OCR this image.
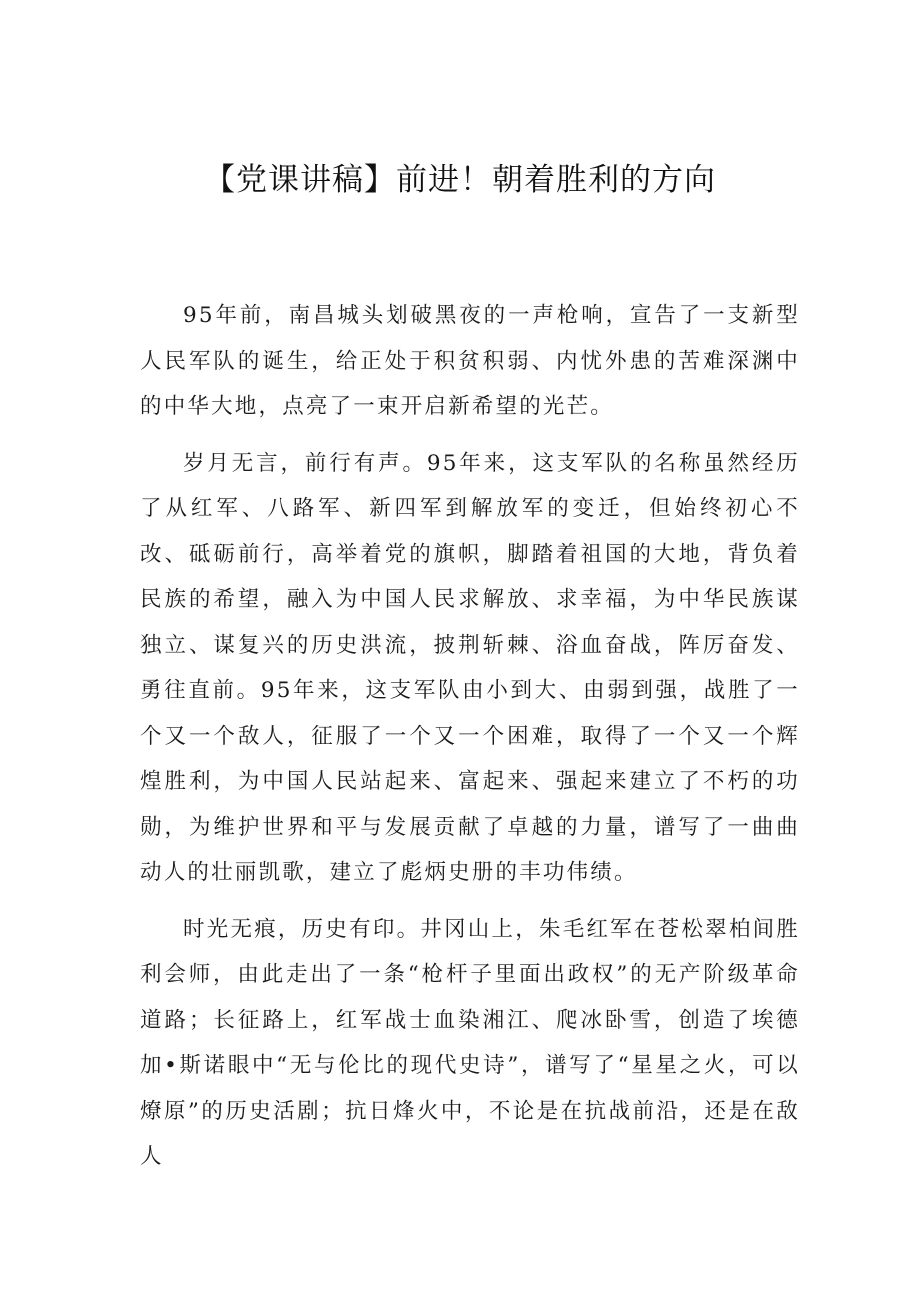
【党课讲稿】前进！朝着胜利的方向

95年前，南昌城头划破黑夜的一声枪响，宣告了一支新型人民军队的诞生，给正处于积贫积弱、内忧外患的苦难深渊中的中华大地，点亮了一束开启新希望的光芒。

岁月无言，前行有声。95年来，这支军队的名称虽然经历了从红军、八路军、新四军到解放军的变迁，但始终初心不改、砥砺前行，高举着党的旗帜，脚踏着祖国的大地，背负着民族的希望，融入为中国人民求解放、求幸福，为中华民族谋独立、谋复兴的历史洪流，披荆斩棘、浴血奋战，阵厉奋发、勇往直前。95年来，这支军队由小到大、由弱到强，战胜了一个又一个敌人，征服了一个又一个困难，取得了一个又一个辉煌胜利，为中国人民站起来、富起来、强起来建立了不朽的功勋，为维护世界和平与发展贡献了卓越的力量，谱写了一曲曲动人的壮丽凯歌，建立了彪炳史册的丰功伟绩。

时光无痕，历史有印。井冈山上，朱毛红军在苍松翠柏间胜利会师，由此走出了一条“枪杆子里面出政权”的无产阶级革命道路；长征路上，红军战士血染湘江、爬冰卧雪，创造了埃德加•斯诺眼中“无与伦比的现代史诗”，谱写了“星星之火，可以燎原”的历史活剧；抗日烽火中，不论是在抗战前沿，还是在敌人
